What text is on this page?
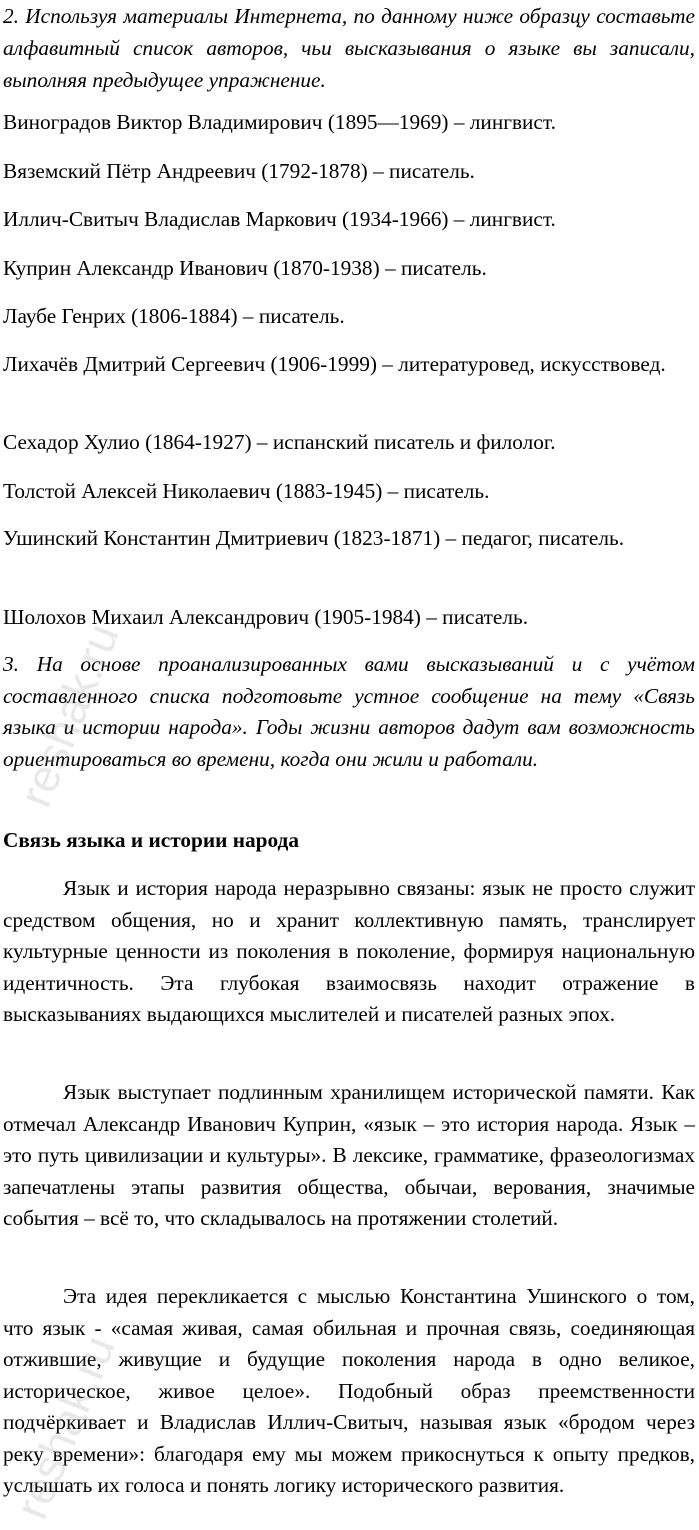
2. Используя материалы Интернета, по данному ниже образцу составьте алфавитный список авторов, чьи высказывания о языке вы записали, выполняя предыдущее упражнение.

Виноградов Виктор Владимирович (1895—1969) – лингвист.

Вяземский Пётр Андреевич (1792-1878) – писатель.

Иллич-Свитыч Владислав Маркович (1934-1966) – лингвист.

Куприн Александр Иванович (1870-1938) – писатель.

Лаубе Генрих (1806-1884) – писатель.

Лихачёв Дмитрий Сергеевич (1906-1999) – литературовед, искусствовед.

Сехадор Хулио (1864-1927) – испанский писатель и филолог.

Толстой Алексей Николаевич (1883-1945) – писатель.

Ушинский Константин Дмитриевич (1823-1871) – педагог, писатель.

Шолохов Михаил Александрович (1905-1984) – писатель.

3. На основе проанализированных вами высказываний и с учётом составленного списка подготовьте устное сообщение на тему «Связь языка и истории народа». Годы жизни авторов дадут вам возможность ориентироваться во времени, когда они жили и работали.

Связь языка и истории народа

Язык и история народа неразрывно связаны: язык не просто служит средством общения, но и хранит коллективную память, транслирует культурные ценности из поколения в поколение, формируя национальную идентичность. Эта глубокая взаимосвязь находит отражение в высказываниях выдающихся мыслителей и писателей разных эпох.

Язык выступает подлинным хранилищем исторической памяти. Как отмечал Александр Иванович Куприн, «язык – это история народа. Язык – это путь цивилизации и культуры». В лексике, грамматике, фразеологизмах запечатлены этапы развития общества, обычаи, верования, значимые события – всё то, что складывалось на протяжении столетий.

Эта идея перекликается с мыслью Константина Ушинского о том, что язык - «самая живая, самая обильная и прочная связь, соединяющая отжившие, живущие и будущие поколения народа в одно великое, историческое, живое целое». Подобный образ преемственности подчёркивает и Владислав Иллич-Свитыч, называя язык «бродом через реку времени»: благодаря ему мы можем прикоснуться к опыту предков, услышать их голоса и понять логику исторического развития.

reshak.ru
reshak.ru
